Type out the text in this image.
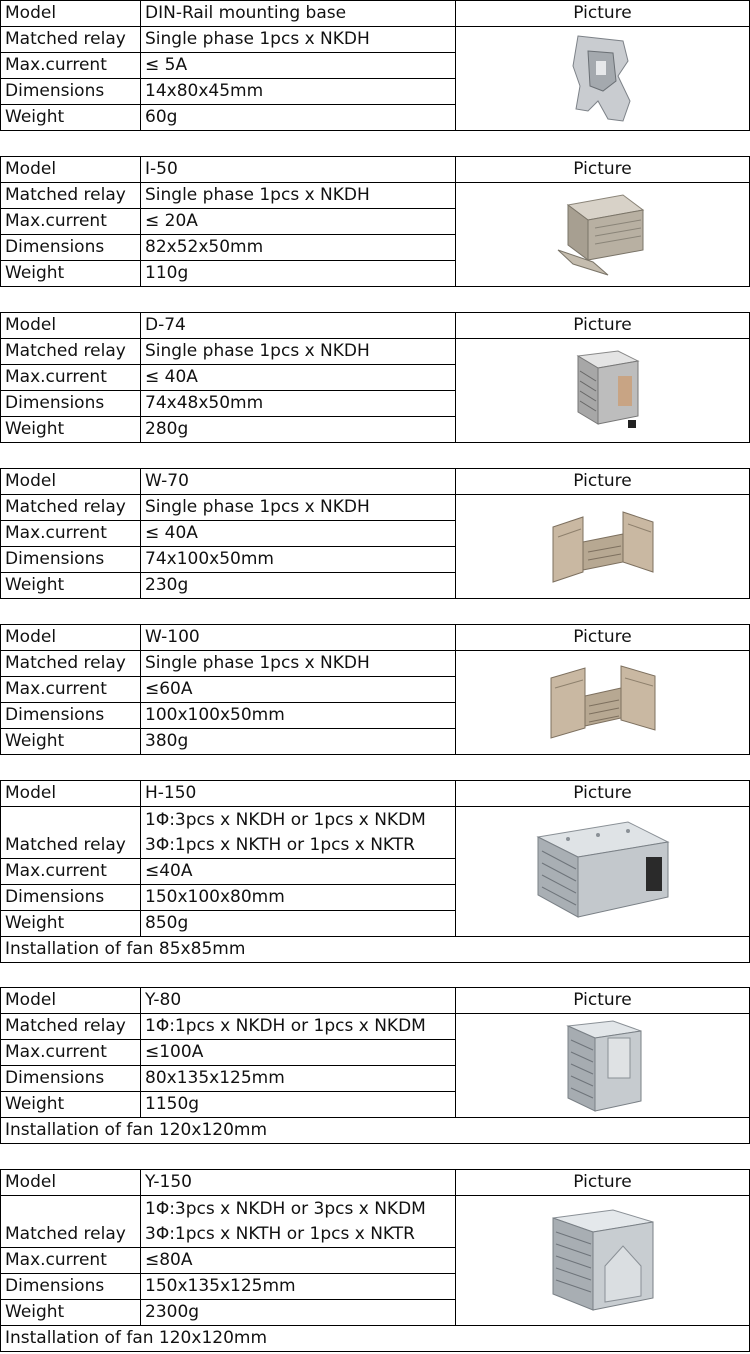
Model	DIN-Rail mounting base	Picture
Matched relay	Single phase 1pcs x NKDH	

Max.current	≤ 5A	
Dimensions	14x80x45mm	
Weight	60g	
Model	I-50	Picture
Matched relay	Single phase 1pcs x NKDH	

Max.current	≤ 20A	
Dimensions	82x52x50mm	
Weight	110g	
Model	D-74	Picture
Matched relay	Single phase 1pcs x NKDH	

Max.current	≤ 40A	
Dimensions	74x48x50mm	
Weight	280g	
Model	W-70	Picture
Matched relay	Single phase 1pcs x NKDH	

Max.current	≤ 40A	
Dimensions	74x100x50mm	
Weight	230g	
Model	W-100	Picture
Matched relay	Single phase 1pcs x NKDH	

Max.current	≤60A	
Dimensions	100x100x50mm	
Weight	380g	
Model	H-150	Picture
Matched relay	1Φ:3pcs x NKDH or 1pcs x NKDM
3Φ:1pcs x NKTH or 1pcs x NKTR

Max.current	≤40A	
Dimensions	150x100x80mm	
Weight	850g	
Installation of fan 85x85mm		
Model	Y-80	Picture
Matched relay	1Φ:1pcs x NKDH or 1pcs x NKDM	

Max.current	≤100A	
Dimensions	80x135x125mm	
Weight	1150g	
Installation of fan 120x120mm		
Model	Y-150	Picture
Matched relay	1Φ:3pcs x NKDH or 3pcs x NKDM
3Φ:1pcs x NKTH or 1pcs x NKTR

Max.current	≤80A	
Dimensions	150x135x125mm	
Weight	2300g	
Installation of fan 120x120mm		
